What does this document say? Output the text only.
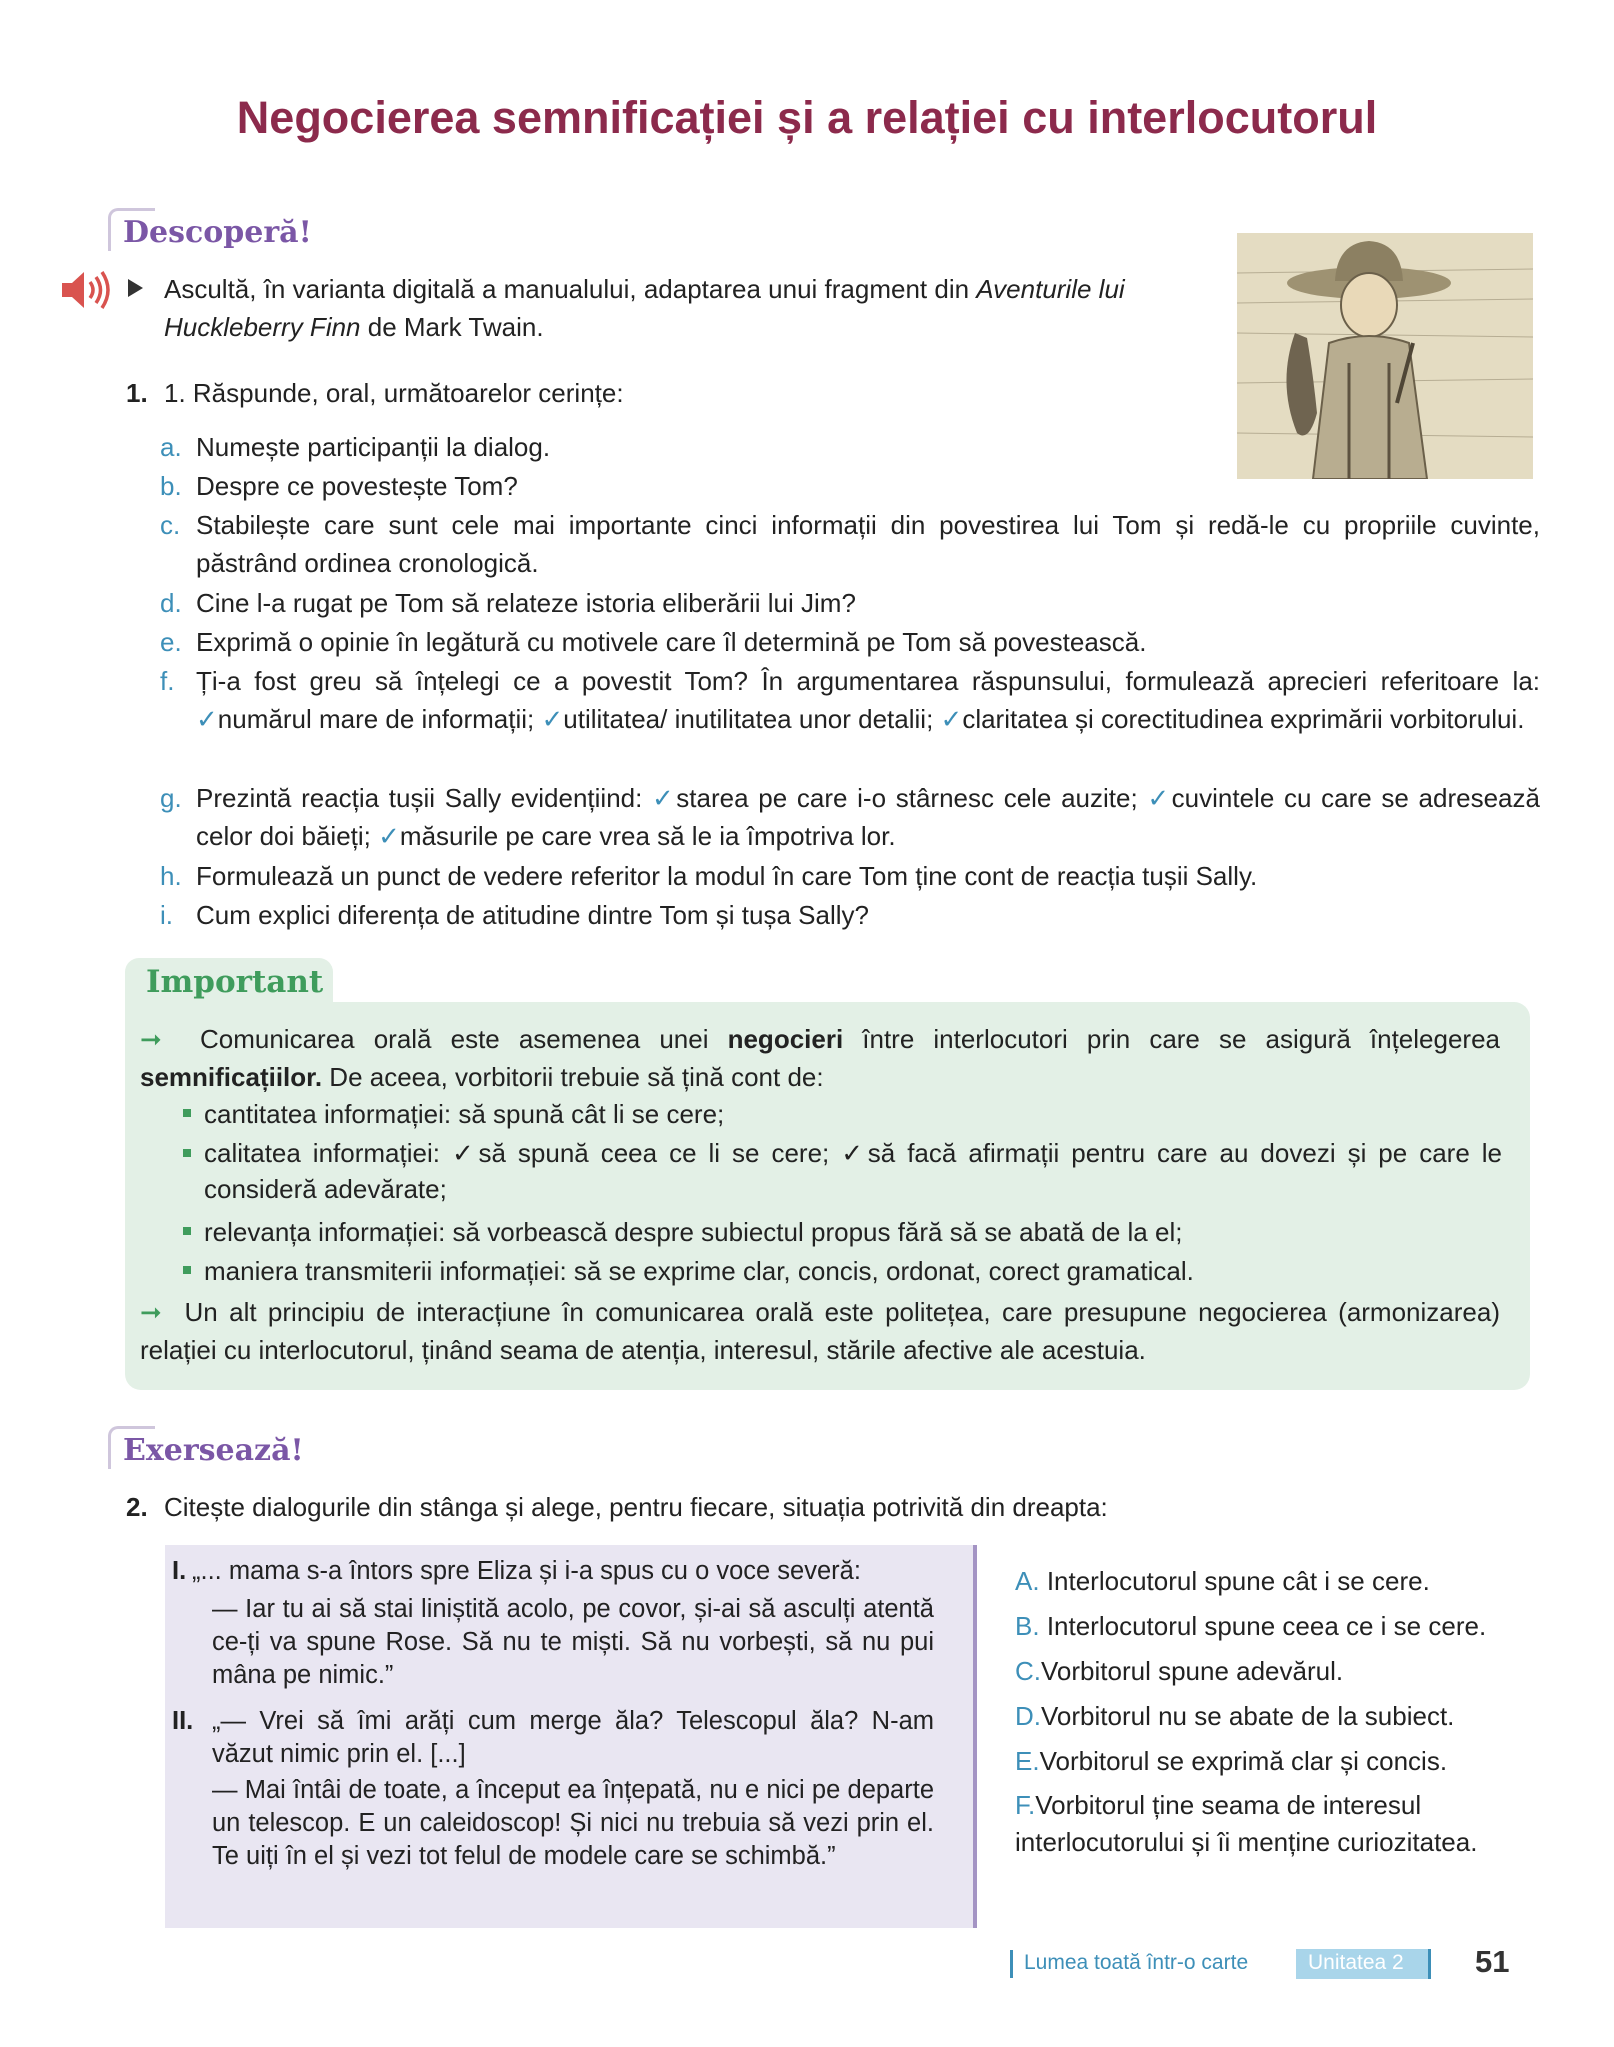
Negocierea semnificației și a relației cu interlocutorul
Descoperă!
Ascultă, în varianta digitală a manualului, adaptarea unui fragment din Aventurile lui Huckleberry Finn de Mark Twain.
1. 1. Răspunde, oral, următoarelor cerințe:
a. Numește participanții la dialog.
b. Despre ce povestește Tom?
c. Stabilește care sunt cele mai importante cinci informații din povestirea lui Tom și redă-le cu propriile cuvinte, păstrând ordinea cronologică.
d. Cine l-a rugat pe Tom să relateze istoria eliberării lui Jim?
e. Exprimă o opinie în legătură cu motivele care îl determină pe Tom să povestească.
f. Ți-a fost greu să înțelegi ce a povestit Tom? În argumentarea răspunsului, formulează aprecieri referitoare la: ✓numărul mare de informații; ✓utilitatea/ inutilitatea unor detalii; ✓claritatea și corectitudinea exprimării vorbitorului.
g. Prezintă reacția tușii Sally evidențiind: ✓starea pe care i-o stârnesc cele auzite; ✓cuvintele cu care se adresează celor doi băieți; ✓măsurile pe care vrea să le ia împotriva lor.
h. Formulează un punct de vedere referitor la modul în care Tom ține cont de reacția tușii Sally.
i. Cum explici diferența de atitudine dintre Tom și tușa Sally?
Important
➞ Comunicarea orală este asemenea unei negocieri între interlocutori prin care se asigură înțelegerea semnificațiilor. De aceea, vorbitorii trebuie să țină cont de:
cantitatea informației: să spună cât li se cere;
calitatea informației: ✓să spună ceea ce li se cere; ✓să facă afirmații pentru care au dovezi și pe care le consideră adevărate;
relevanța informației: să vorbească despre subiectul propus fără să se abată de la el;
maniera transmiterii informației: să se exprime clar, concis, ordonat, corect gramatical.
➞ Un alt principiu de interacțiune în comunicarea orală este politețea, care presupune negocierea (armonizarea) relației cu interlocutorul, ținând seama de atenția, interesul, stările afective ale acestuia.
Exersează!
2. Citește dialogurile din stânga și alege, pentru fiecare, situația potrivită din dreapta:
I. „... mama s-a întors spre Eliza și i-a spus cu o voce severă:
— Iar tu ai să stai liniștită acolo, pe covor, și-ai să asculți atentă ce-ți va spune Rose. Să nu te miști. Să nu vorbești, să nu pui mâna pe nimic.”
II. „— Vrei să îmi arăți cum merge ăla? Telescopul ăla? N-am văzut nimic prin el. [...]
— Mai întâi de toate, a început ea înțepată, nu e nici pe departe un telescop. E un caleidoscop! Și nici nu trebuia să vezi prin el. Te uiți în el și vezi tot felul de modele care se schimbă.”
A. Interlocutorul spune cât i se cere.
B. Interlocutorul spune ceea ce i se cere.
C.Vorbitorul spune adevărul.
D.Vorbitorul nu se abate de la subiect.
E.Vorbitorul se exprimă clar și concis.
F.Vorbitorul ține seama de interesul interlocutorului și îi menține curiozitatea.
Lumea toată într-o carte	Unitatea 2 51
